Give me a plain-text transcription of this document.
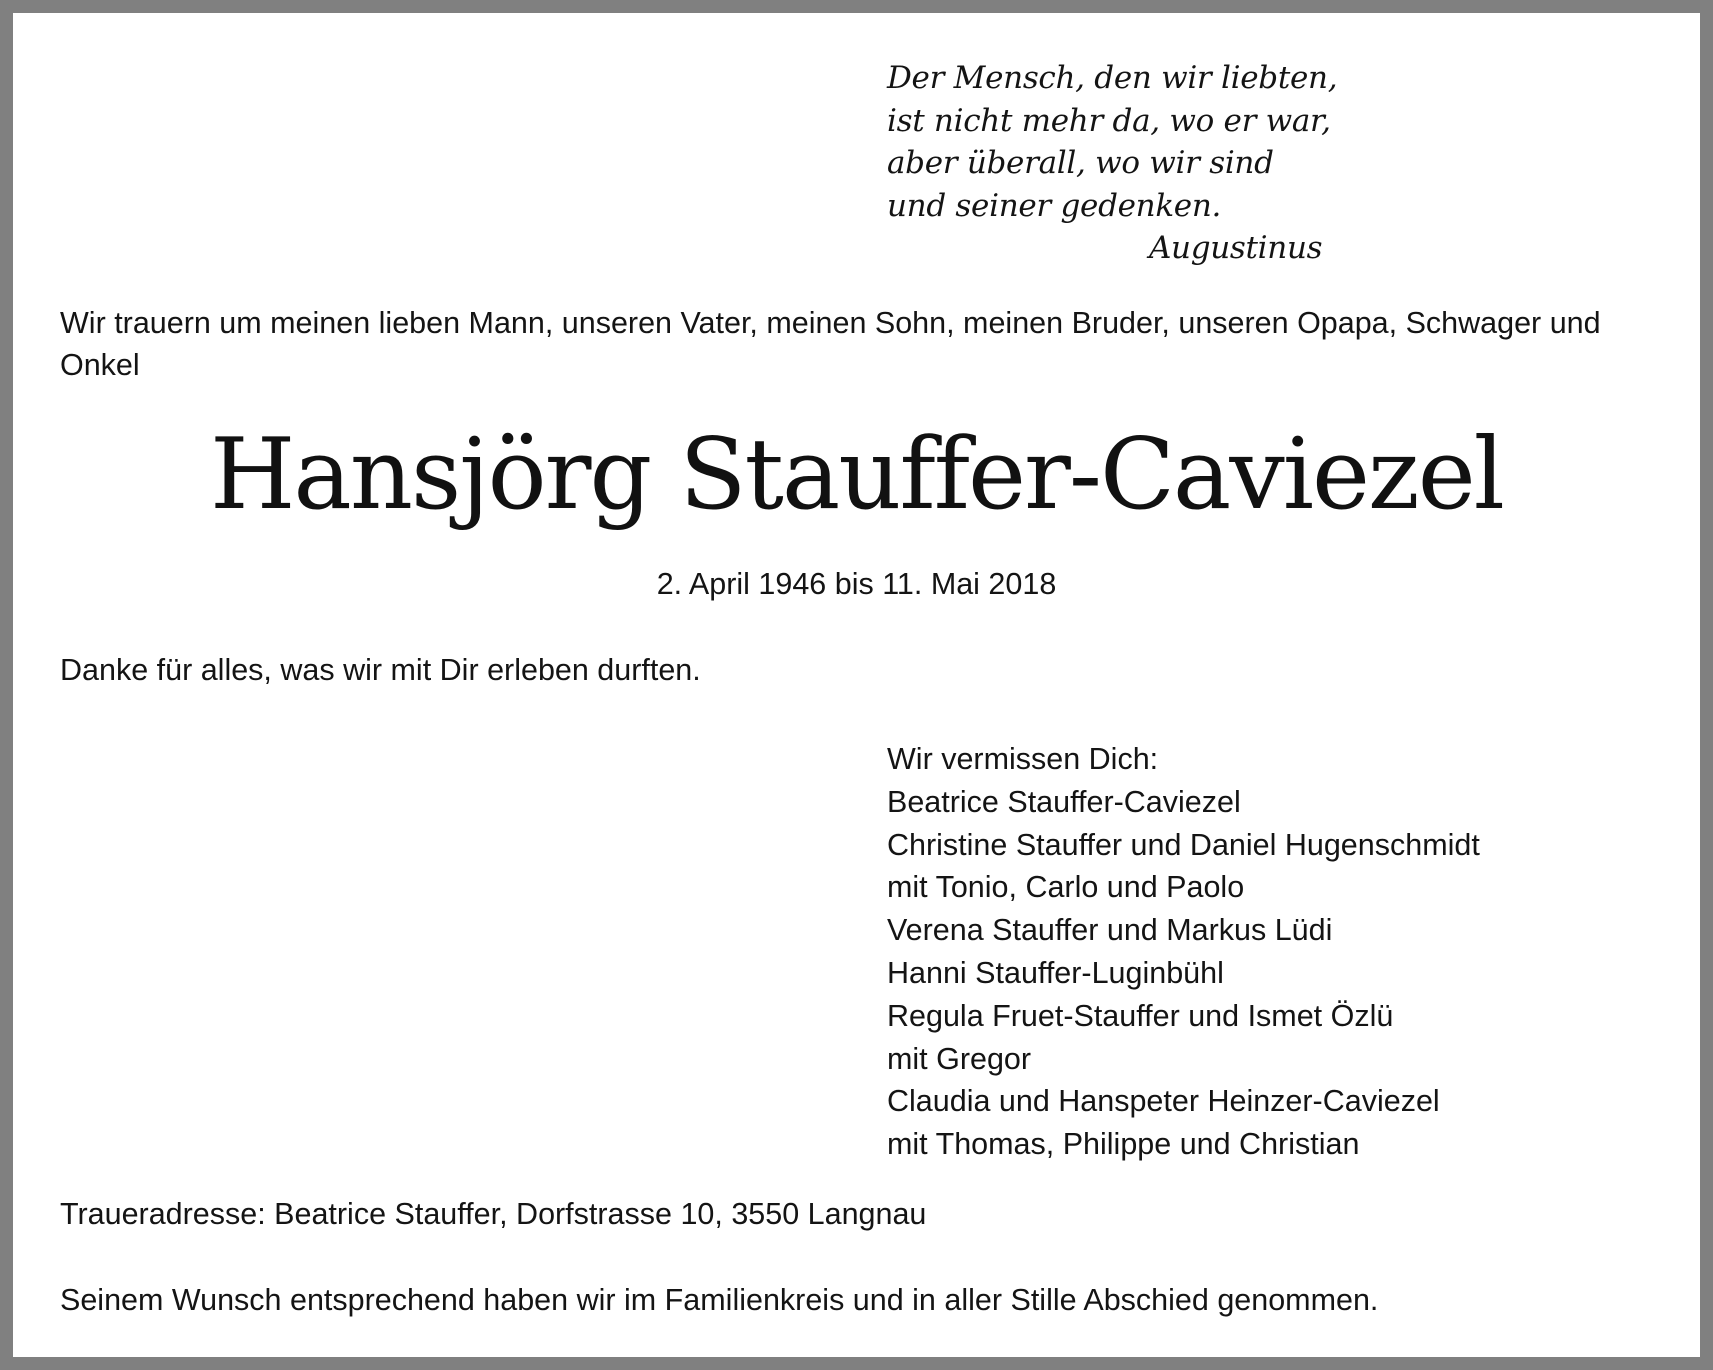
Der Mensch, den wir liebten,
ist nicht mehr da, wo er war,
aber überall, wo wir sind
und seiner gedenken.
Augustinus
Wir trauern um meinen lieben Mann, unseren Vater, meinen Sohn, meinen Bruder, unseren Opapa, Schwager und Onkel
Hansjörg Stauffer-Caviezel
2. April 1946 bis 11. Mai 2018
Danke für alles, was wir mit Dir erleben durften.
Wir vermissen Dich:
Beatrice Stauffer-Caviezel
Christine Stauffer und Daniel Hugenschmidt
mit Tonio, Carlo und Paolo
Verena Stauffer und Markus Lüdi
Hanni Stauffer-Luginbühl
Regula Fruet-Stauffer und Ismet Özlü
mit Gregor
Claudia und Hanspeter Heinzer-Caviezel
mit Thomas, Philippe und Christian
Traueradresse: Beatrice Stauffer, Dorfstrasse 10, 3550 Langnau
Seinem Wunsch entsprechend haben wir im Familienkreis und in aller Stille Abschied genommen.
